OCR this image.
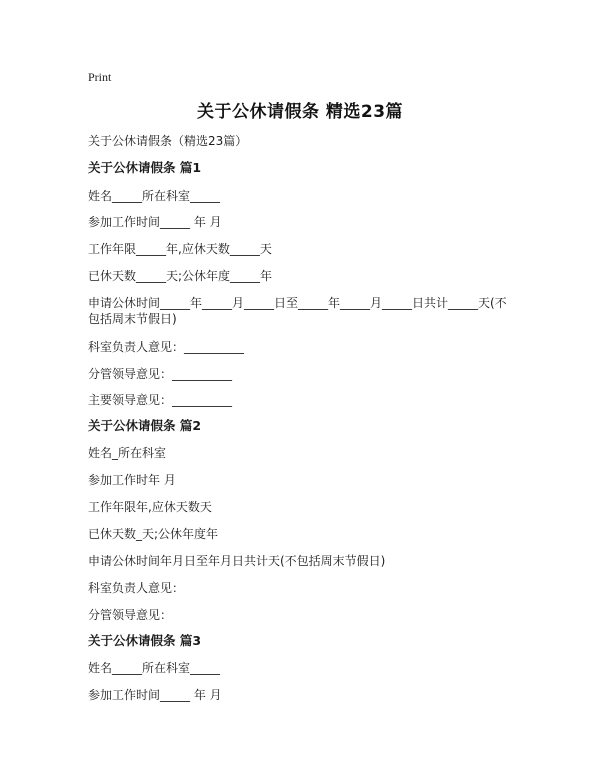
Print
关于公休请假条 精选23篇
关于公休请假条（精选23篇）
关于公休请假条 篇1
姓名_____所在科室_____
参加工作时间_____ 年 月
工作年限_____年,应休天数_____天
已休天数_____天;公休年度_____年
申请公休时间_____年_____月_____日至_____年_____月_____日共计_____天(不包括周末节假日)
科室负责人意见：__________
分管领导意见：__________
主要领导意见：__________
关于公休请假条 篇2
姓名_所在科室
参加工作时年 月
工作年限年,应休天数天
已休天数_天;公休年度年
申请公休时间年月日至年月日共计天(不包括周末节假日)
科室负责人意见：
分管领导意见：
关于公休请假条 篇3
姓名_____所在科室_____
参加工作时间_____ 年 月
